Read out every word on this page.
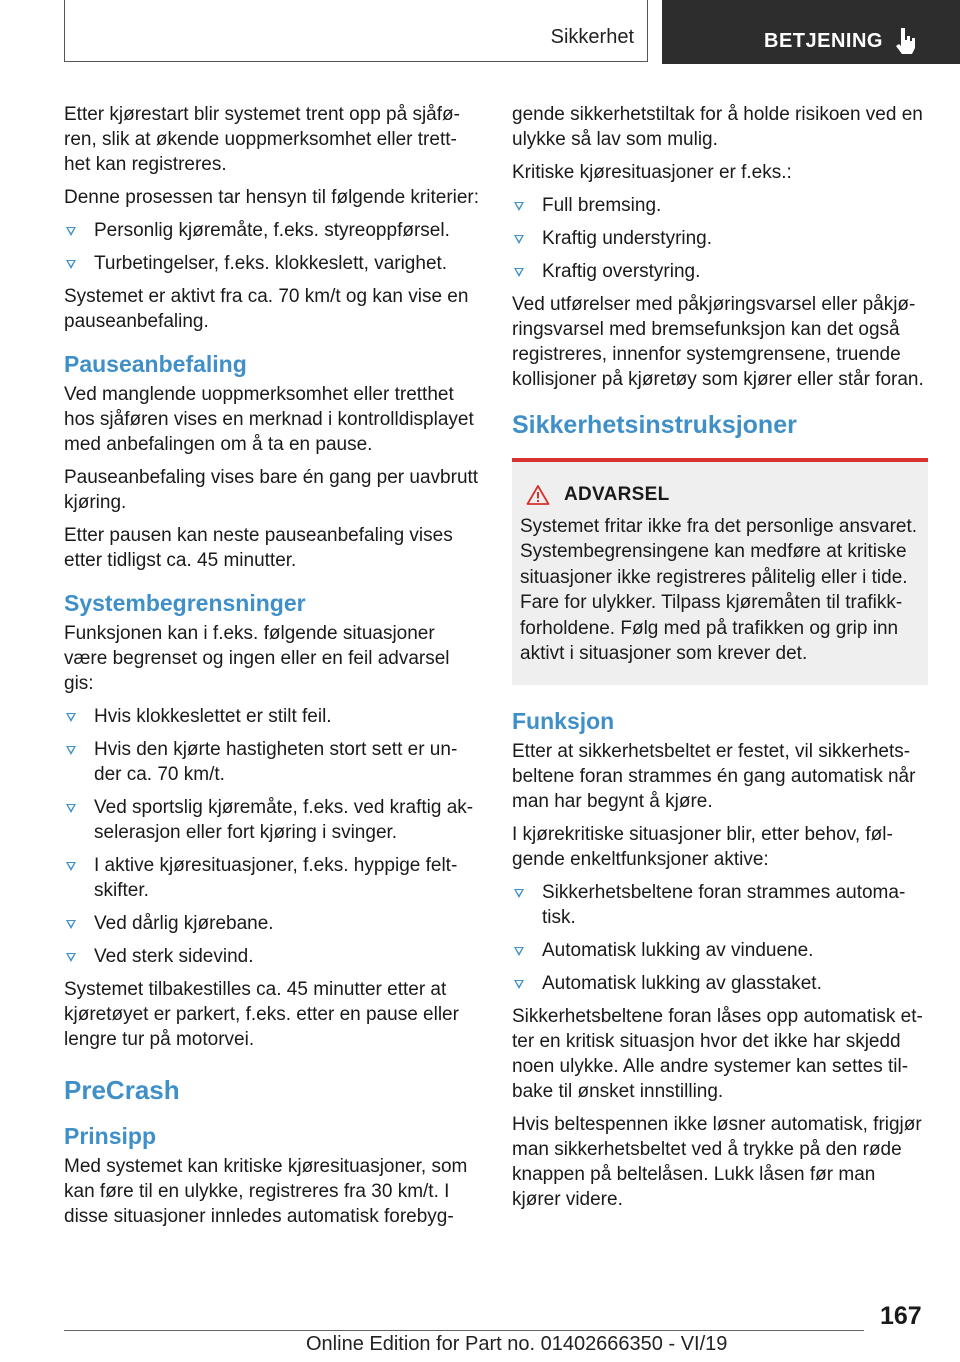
Sikkerhet	BETJENING

Etter kjørestart blir systemet trent opp på sjåfø-ren, slik at økende uoppmerksomhet eller trett-het kan registreres.

Denne prosessen tar hensyn til følgende kriterier:

Personlig kjøremåte, f.eks. styreoppførsel.
Turbetingelser, f.eks. klokkeslett, varighet.

Systemet er aktivt fra ca. 70 km/t og kan vise en pauseanbefaling.

Pauseanbefaling

Ved manglende uoppmerksomhet eller tretthet hos sjåføren vises en merknad i kontrolldisplayet med anbefalingen om å ta en pause.

Pauseanbefaling vises bare én gang per uavbrutt kjøring.

Etter pausen kan neste pauseanbefaling vises etter tidligst ca. 45 minutter.

Systembegrensninger

Funksjonen kan i f.eks. følgende situasjoner være begrenset og ingen eller en feil advarsel gis:

Hvis klokkeslettet er stilt feil.
Hvis den kjørte hastigheten stort sett er un-der ca. 70 km/t.
Ved sportslig kjøremåte, f.eks. ved kraftig ak-selerasjon eller fort kjøring i svinger.
I aktive kjøresituasjoner, f.eks. hyppige felt-skifter.
Ved dårlig kjørebane.
Ved sterk sidevind.

Systemet tilbakestilles ca. 45 minutter etter at kjøretøyet er parkert, f.eks. etter en pause eller lengre tur på motorvei.

PreCrash
Prinsipp

Med systemet kan kritiske kjøresituasjoner, som kan føre til en ulykke, registreres fra 30 km/t. I disse situasjoner innledes automatisk forebyg-

gende sikkerhetstiltak for å holde risikoen ved en ulykke så lav som mulig.

Kritiske kjøresituasjoner er f.eks.:

Full bremsing.
Kraftig understyring.
Kraftig overstyring.

Ved utførelser med påkjøringsvarsel eller påkjø-ringsvarsel med bremsefunksjon kan det også registreres, innenfor systemgrensene, truende kollisjoner på kjøretøy som kjører eller står foran.

Sikkerhetsinstruksjoner
ADVARSEL
Systemet fritar ikke fra det personlige ansvaret. Systembegrensingene kan medføre at kritiske situasjoner ikke registreres pålitelig eller i tide. Fare for ulykker. Tilpass kjøremåten til trafikk-forholdene. Følg med på trafikken og grip inn aktivt i situasjoner som krever det.
Funksjon

Etter at sikkerhetsbeltet er festet, vil sikkerhets-beltene foran strammes én gang automatisk når man har begynt å kjøre.

I kjørekritiske situasjoner blir, etter behov, føl-gende enkeltfunksjoner aktive:

Sikkerhetsbeltene foran strammes automa-tisk.
Automatisk lukking av vinduene.
Automatisk lukking av glasstaket.

Sikkerhetsbeltene foran låses opp automatisk et-ter en kritisk situasjon hvor det ikke har skjedd noen ulykke. Alle andre systemer kan settes til-bake til ønsket innstilling.

Hvis beltespennen ikke løsner automatisk, frigjør man sikkerhetsbeltet ved å trykke på den røde knappen på beltelåsen. Lukk låsen før man kjører videre.

167
Online Edition for Part no. 01402666350 - VI/19
